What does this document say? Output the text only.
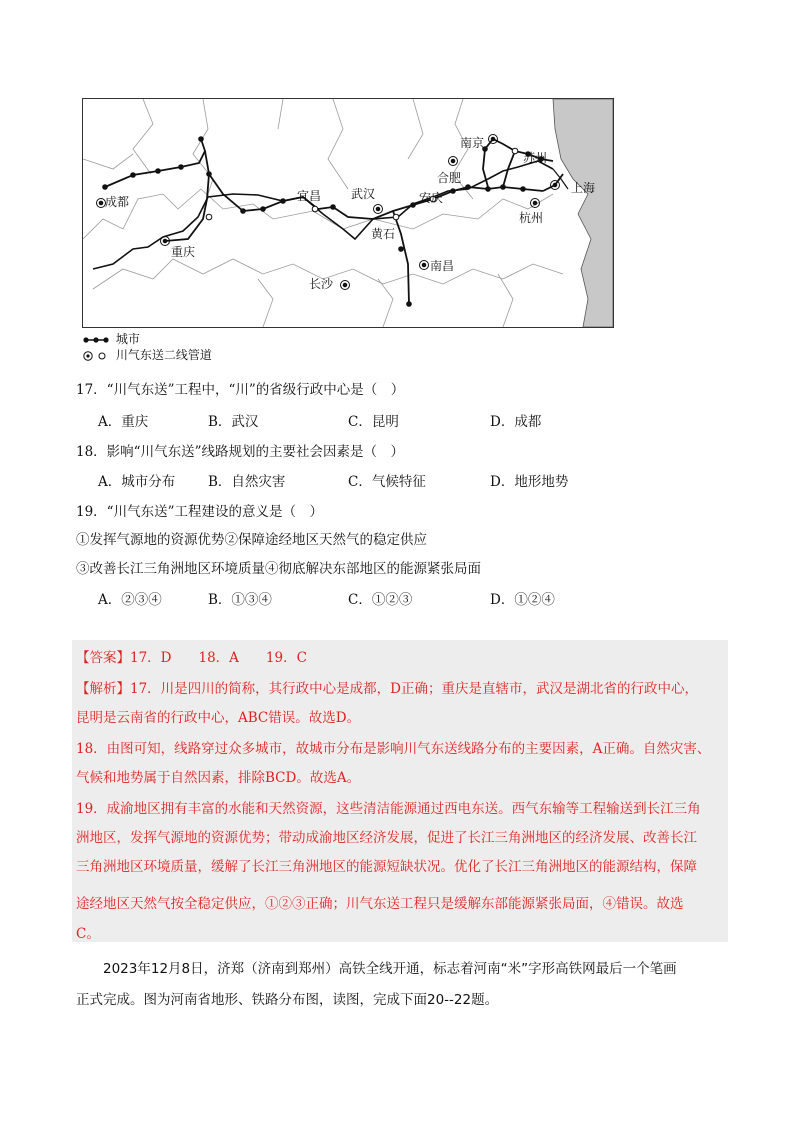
成都
重庆
宜昌 武汉
黄石
长沙
南昌
安庆
合肥
南京
苏州
上海
杭州
城市
川气东送二线管道
17．“川气东送”工程中，“川”的省级行政中心是（　）
A．重庆	B．武汉	C．昆明	D．成都
18．影响“川气东送”线路规划的主要社会因素是（　）
A．城市分布 B．自然灾害	C．气候特征	D．地形地势
19．“川气东送”工程建设的意义是（　）
①发挥气源地的资源优势②保障途经地区天然气的稳定供应
③改善长江三角洲地区环境质量④彻底解决东部地区的能源紧张局面
A．②③④	B．①③④	C．①②③	D．①②④
【答案】17．D　　18．A　　19．C
【解析】17．川是四川的简称，其行政中心是成都，D正确；重庆是直辖市，武汉是湖北省的行政中心，
昆明是云南省的行政中心，ABC错误。故选D。
18．由图可知，线路穿过众多城市，故城市分布是影响川气东送线路分布的主要因素，A正确。自然灾害、
气候和地势属于自然因素，排除BCD。故选A。
19．成渝地区拥有丰富的水能和天然资源，这些清洁能源通过西电东送。西气东输等工程输送到长江三角
洲地区，发挥气源地的资源优势；带动成渝地区经济发展，促进了长江三角洲地区的经济发展、改善长江
三角洲地区环境质量，缓解了长江三角洲地区的能源短缺状况。优化了长江三角洲地区的能源结构，保障
途经地区天然气按全稳定供应，①②③正确；川气东送工程只是缓解东部能源紧张局面，④错误。故选
C。
　　2023年12月8日，济郑（济南到郑州）高铁全线开通，标志着河南“米”字形高铁网最后一个笔画
正式完成。图为河南省地形、铁路分布图，读图，完成下面20--22题。
